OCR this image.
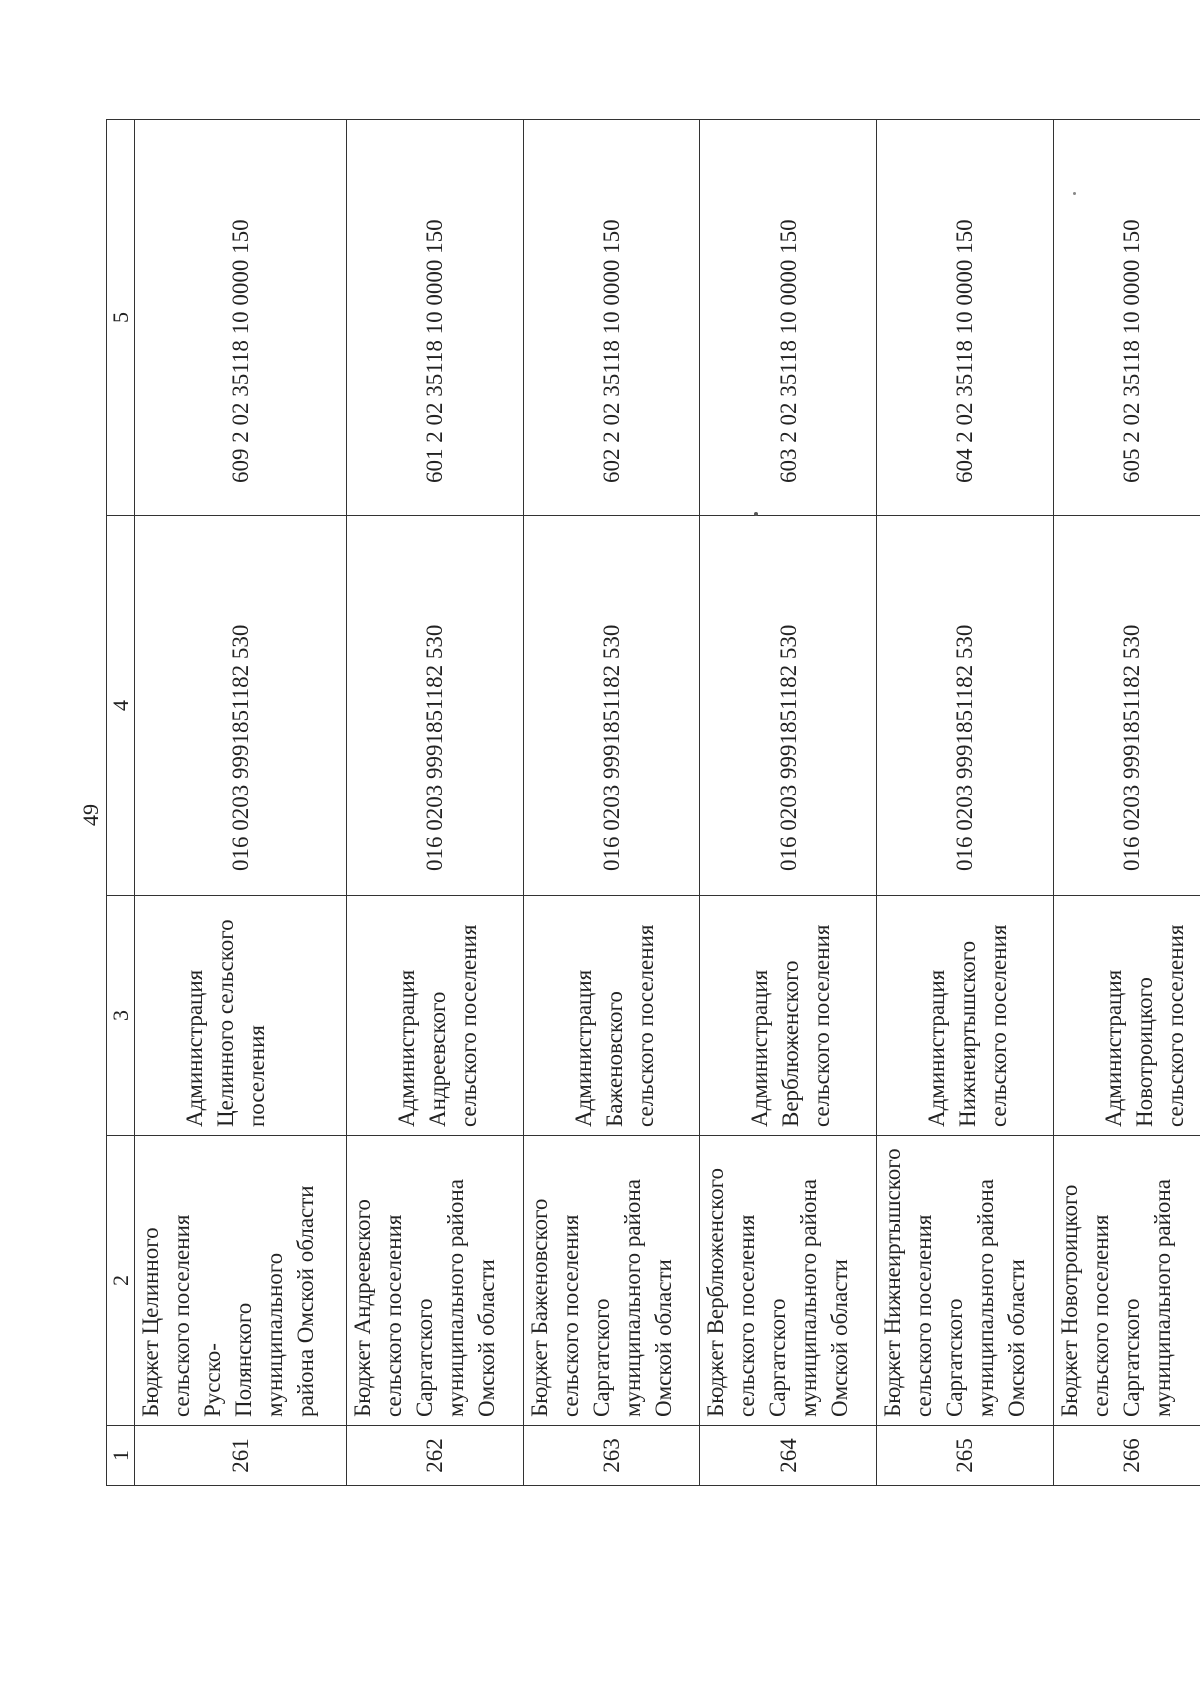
49
1	2	3	4	5
261	Бюджет Целинного
сельского поселения Русско-
Полянского муниципального
района Омской области	Администрация
Целинного сельского
поселения	016 0203 9991851182 530	609 2 02 35118 10 0000 150
262	Бюджет Андреевского
сельского поселения
Саргатского
муниципального района
Омской области	Администрация
Андреевского
сельского поселения	016 0203 9991851182 530	601 2 02 35118 10 0000 150
263	Бюджет Баженовского
сельского поселения
Саргатского
муниципального района
Омской области	Администрация
Баженовского
сельского поселения	016 0203 9991851182 530	602 2 02 35118 10 0000 150
264	Бюджет Верблюженского
сельского поселения
Саргатского
муниципального района
Омской области	Администрация
Верблюженского
сельского поселения	016 0203 9991851182 530	603 2 02 35118 10 0000 150
265	Бюджет Нижнеиртышского
сельского поселения
Саргатского
муниципального района
Омской области	Администрация
Нижнеиртышского
сельского поселения	016 0203 9991851182 530	604 2 02 35118 10 0000 150
266	Бюджет Новотроицкого
сельского поселения
Саргатского
муниципального района	Администрация
Новотроицкого
сельского поселения	016 0203 9991851182 530	605 2 02 35118 10 0000 150
